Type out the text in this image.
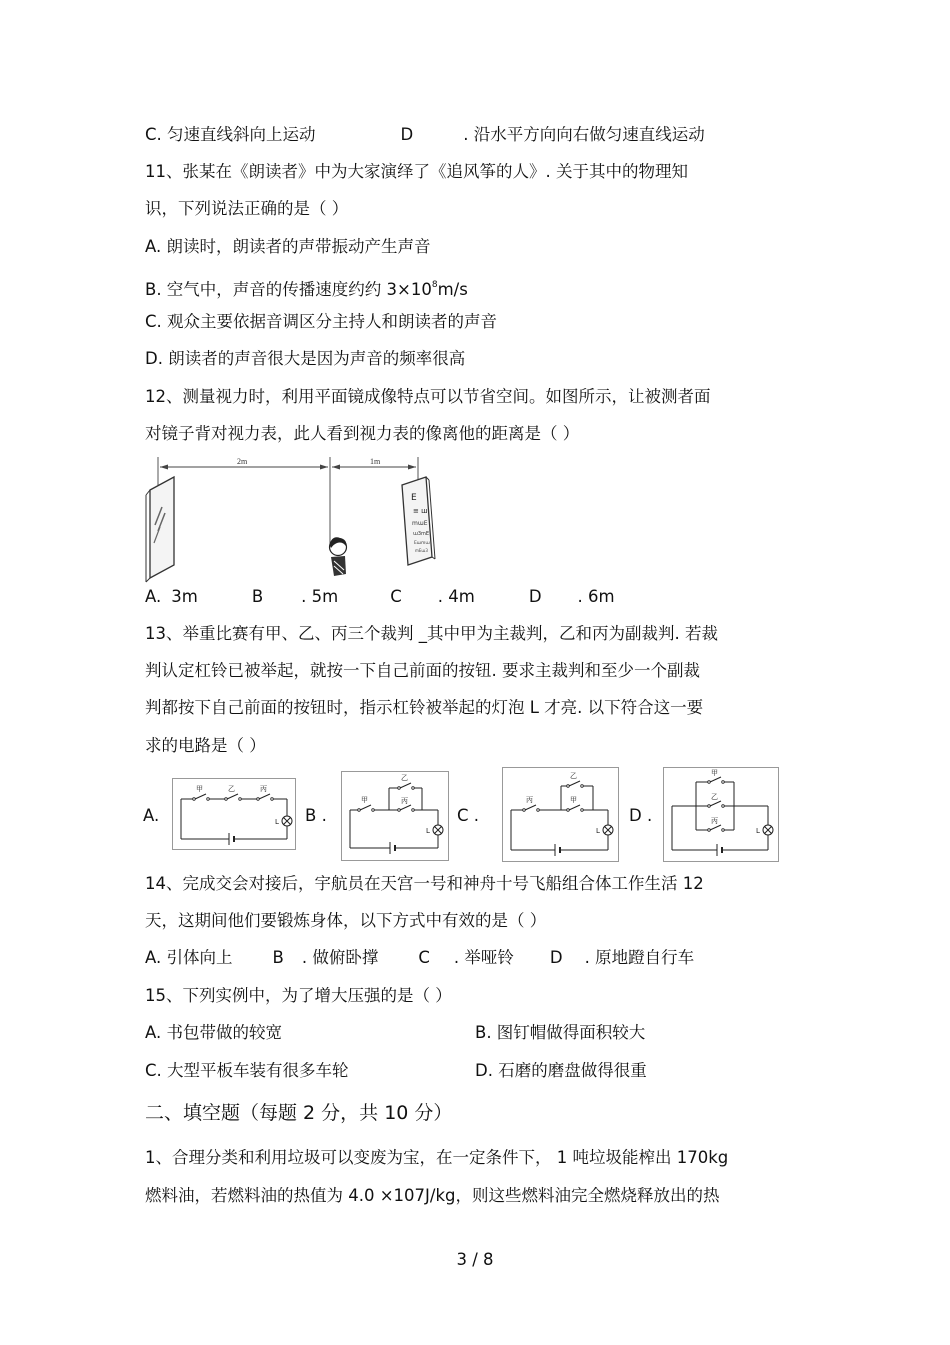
C. 匀速直线斜向上运动	D	. 沿水平方向向右做匀速直线运动
11、张某在《朗读者》中为大家演绎了《追风筝的人》. 关于其中的物理知
识，下列说法正确的是（ ）
A. 朗读时，朗读者的声带振动产生声音
B. 空气中，声音的传播速度约约 $3\times 10^8m/s$
C. 观众主要依据音调区分主持人和朗读者的声音
D. 朗读者的声音很大是因为声音的频率很高
12、测量视力时，利用平面镜成像特点可以节省空间。如图所示，让被测者面
对镜子背对视力表，此人看到视力表的像离他的距离是（ ）
2m	1m
E
≡ ш
mɯE
ɯ3mE
Ешmɯ
mЕɯ3
A. 3m	B . 5m	C . 4m	D . 6m
13、举重比赛有甲、乙、丙三个裁判 _其中甲为主裁判，乙和丙为副裁判. 若裁
判认定杠铃已被举起，就按一下自己前面的按钮. 要求主裁判和至少一个副裁
判都按下自己前面的按钮时，指示杠铃被举起的灯泡 L 才亮. 以下符合这一要
求的电路是（ ）
A.	B .	C .	D .
甲	乙	丙
L
甲
乙
丙
L
丙
乙
甲
L
甲
乙
丙
L
14、完成交会对接后，宇航员在天宫一号和神舟十号飞船组合体工作生活 12
天，这期间他们要锻炼身体，以下方式中有效的是（ ）
A. 引体向上 B . 做俯卧撑 C . 举哑铃 D . 原地蹬自行车
15、下列实例中，为了增大压强的是（ ）
A. 书包带做的较宽	B. 图钉帽做得面积较大
C. 大型平板车装有很多车轮	D. 石磨的磨盘做得很重
二、填空题（每题 2 分，共 10 分）
1、合理分类和利用垃圾可以变废为宝，在一定条件下， 1 吨垃圾能榨出 170kg
燃料油，若燃料油的热值为 4.0 ×107J/kg，则这些燃料油完全燃烧释放出的热
3 / 8
